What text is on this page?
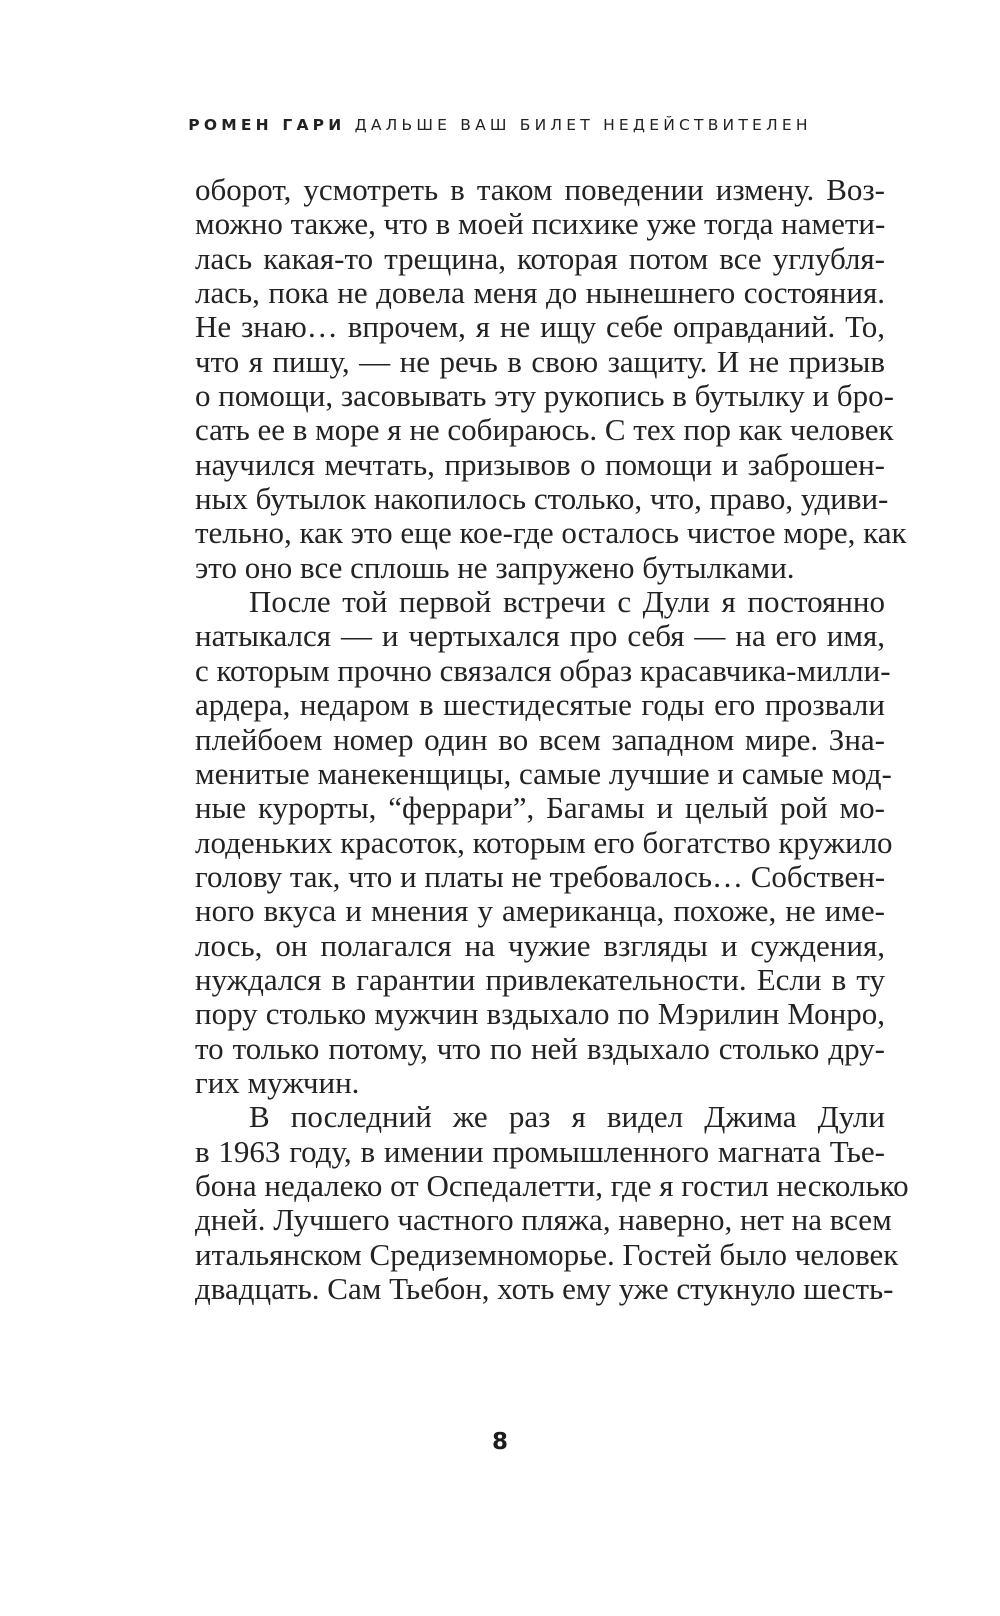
РОМЕН ГАРИ ДАЛЬШЕ ВАШ БИЛЕТ НЕДЕЙСТВИТЕЛЕН
оборот, усмотреть в таком поведении измену. Воз-
можно также, что в моей психике уже тогда намети-
лась какая-то трещина, которая потом все углубля-
лась, пока не довела меня до нынешнего состояния.
Не знаю… впрочем, я не ищу себе оправданий. То,
что я пишу, — не речь в свою защиту. И не призыв
о помощи, засовывать эту рукопись в бутылку и бро-
сать ее в море я не собираюсь. С тех пор как человек
научился мечтать, призывов о помощи и заброшен-
ных бутылок накопилось столько, что, право, удиви-
тельно, как это еще кое-где осталось чистое море, как
это оно все сплошь не запружено бутылками.
После той первой встречи с Дули я постоянно
натыкался — и чертыхался про себя — на его имя,
с которым прочно связался образ красавчика-милли-
ардера, недаром в шестидесятые годы его прозвали
плейбоем номер один во всем западном мире. Зна-
менитые манекенщицы, самые лучшие и самые мод-
ные курорты, “феррари”, Багамы и целый рой мо-
лоденьких красоток, которым его богатство кружило
голову так, что и платы не требовалось… Собствен-
ного вкуса и мнения у американца, похоже, не име-
лось, он полагался на чужие взгляды и суждения,
нуждался в гарантии привлекательности. Если в ту
пору столько мужчин вздыхало по Мэрилин Монро,
то только потому, что по ней вздыхало столько дру-
гих мужчин.
В последний же раз я видел Джима Дули
в 1963 году, в имении промышленного магната Тье-
бона недалеко от Оспедалетти, где я гостил несколько
дней. Лучшего частного пляжа, наверно, нет на всем
итальянском Средиземноморье. Гостей было человек
двадцать. Сам Тьебон, хоть ему уже стукнуло шесть-
8
